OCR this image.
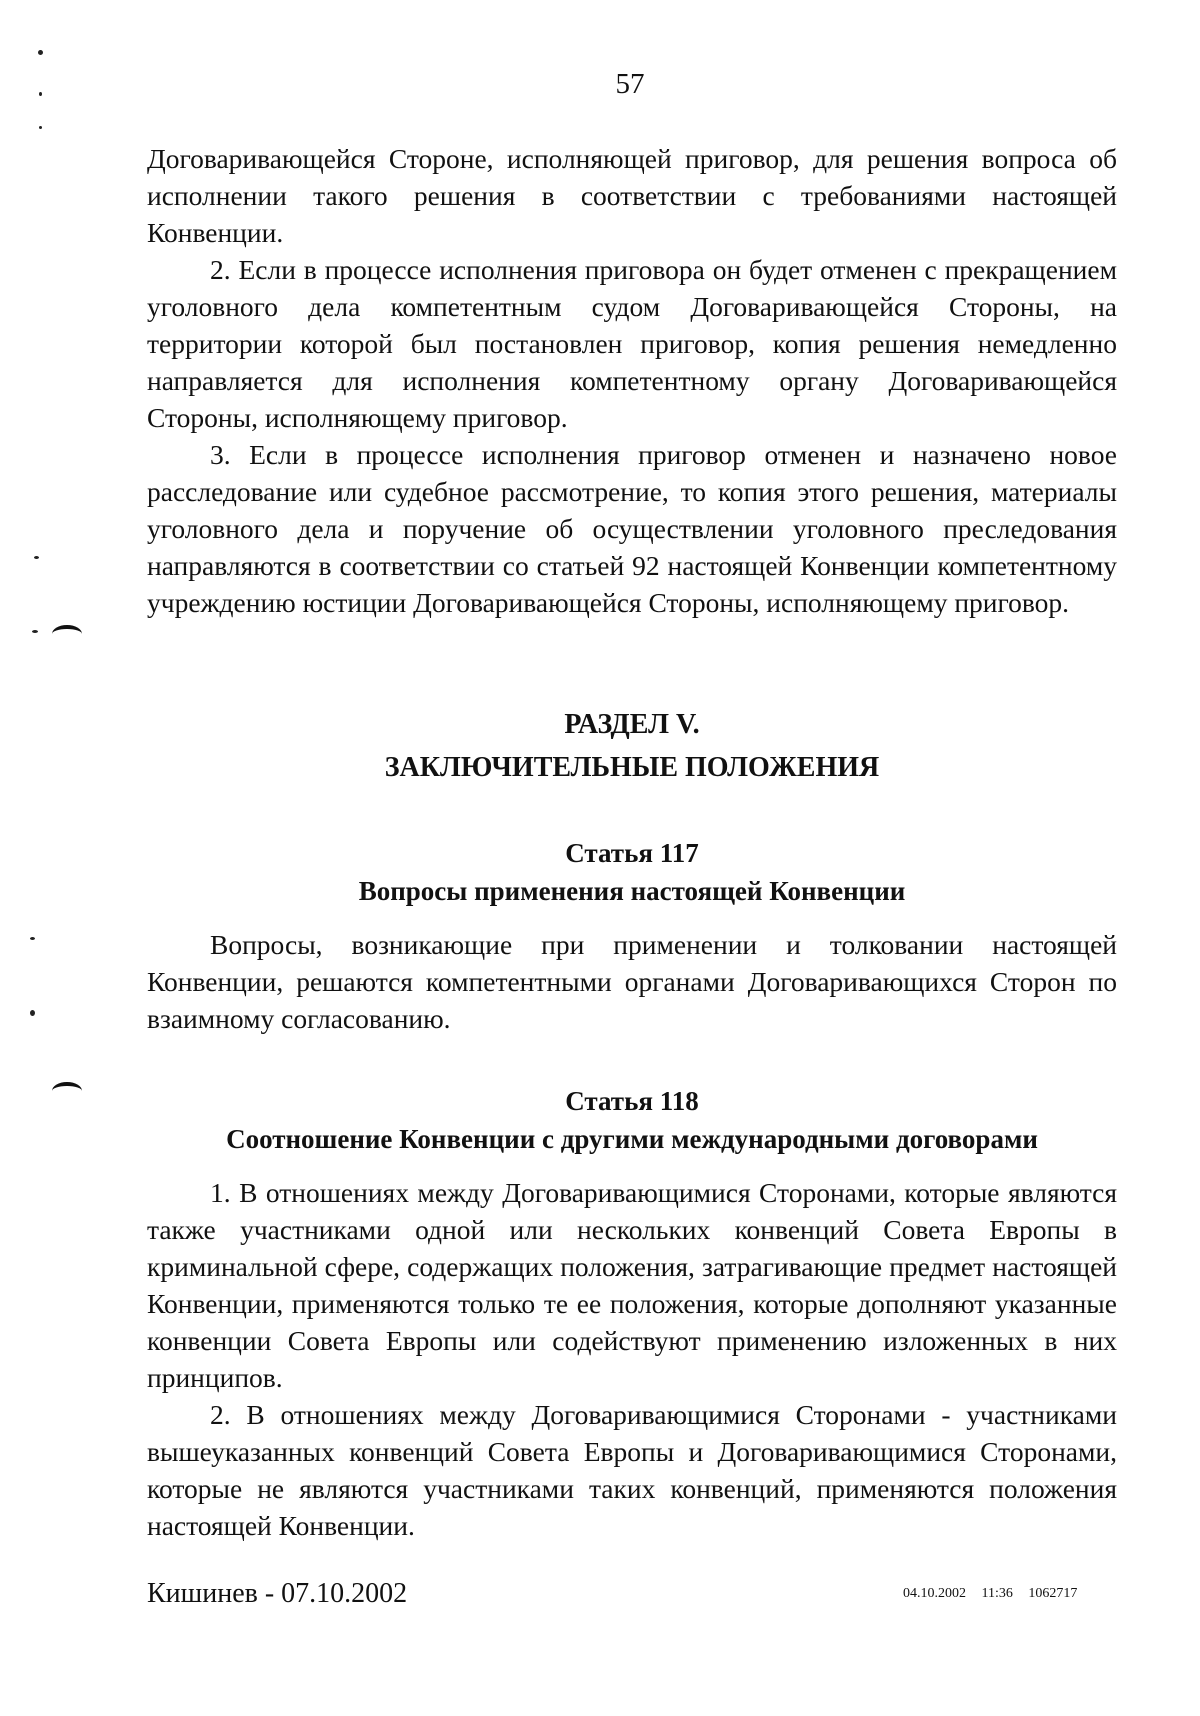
57

Договаривающейся Стороне, исполняющей приговор, для решения вопроса об исполнении такого решения в соответствии с требованиями настоящей Конвенции.

2. Если в процессе исполнения приговора он будет отменен с прекращением уголовного дела компетентным судом Договаривающейся Стороны, на территории которой был постановлен приговор, копия решения немедленно направляется для исполнения компетентному органу Договаривающейся Стороны, исполняющему приговор.

3. Если в процессе исполнения приговор отменен и назначено новое расследование или судебное рассмотрение, то копия этого решения, материалы уголовного дела и поручение об осуществлении уголовного преследования направляются в соответствии со статьей 92 настоящей Конвенции компетентному учреждению юстиции Договаривающейся Стороны, исполняющему приговор.

РАЗДЕЛ V.
ЗАКЛЮЧИТЕЛЬНЫЕ ПОЛОЖЕНИЯ
Статья 117
Вопросы применения настоящей Конвенции

Вопросы, возникающие при применении и толковании настоящей Конвенции, решаются компетентными органами Договаривающихся Сторон по взаимному согласованию.

Статья 118
Соотношение Конвенции с другими международными договорами

1. В отношениях между Договаривающимися Сторонами, которые являются также участниками одной или нескольких конвенций Совета Европы в криминальной сфере, содержащих положения, затрагивающие предмет настоящей Конвенции, применяются только те ее положения, которые дополняют указанные конвенции Совета Европы или содействуют применению изложенных в них принципов.

2. В отношениях между Договаривающимися Сторонами - участниками вышеуказанных конвенций Совета Европы и Договаривающимися Сторонами, которые не являются участниками таких конвенций, применяются положения настоящей Конвенции.

Кишинев - 07.10.2002	04.10.2002 11:36 1062717
